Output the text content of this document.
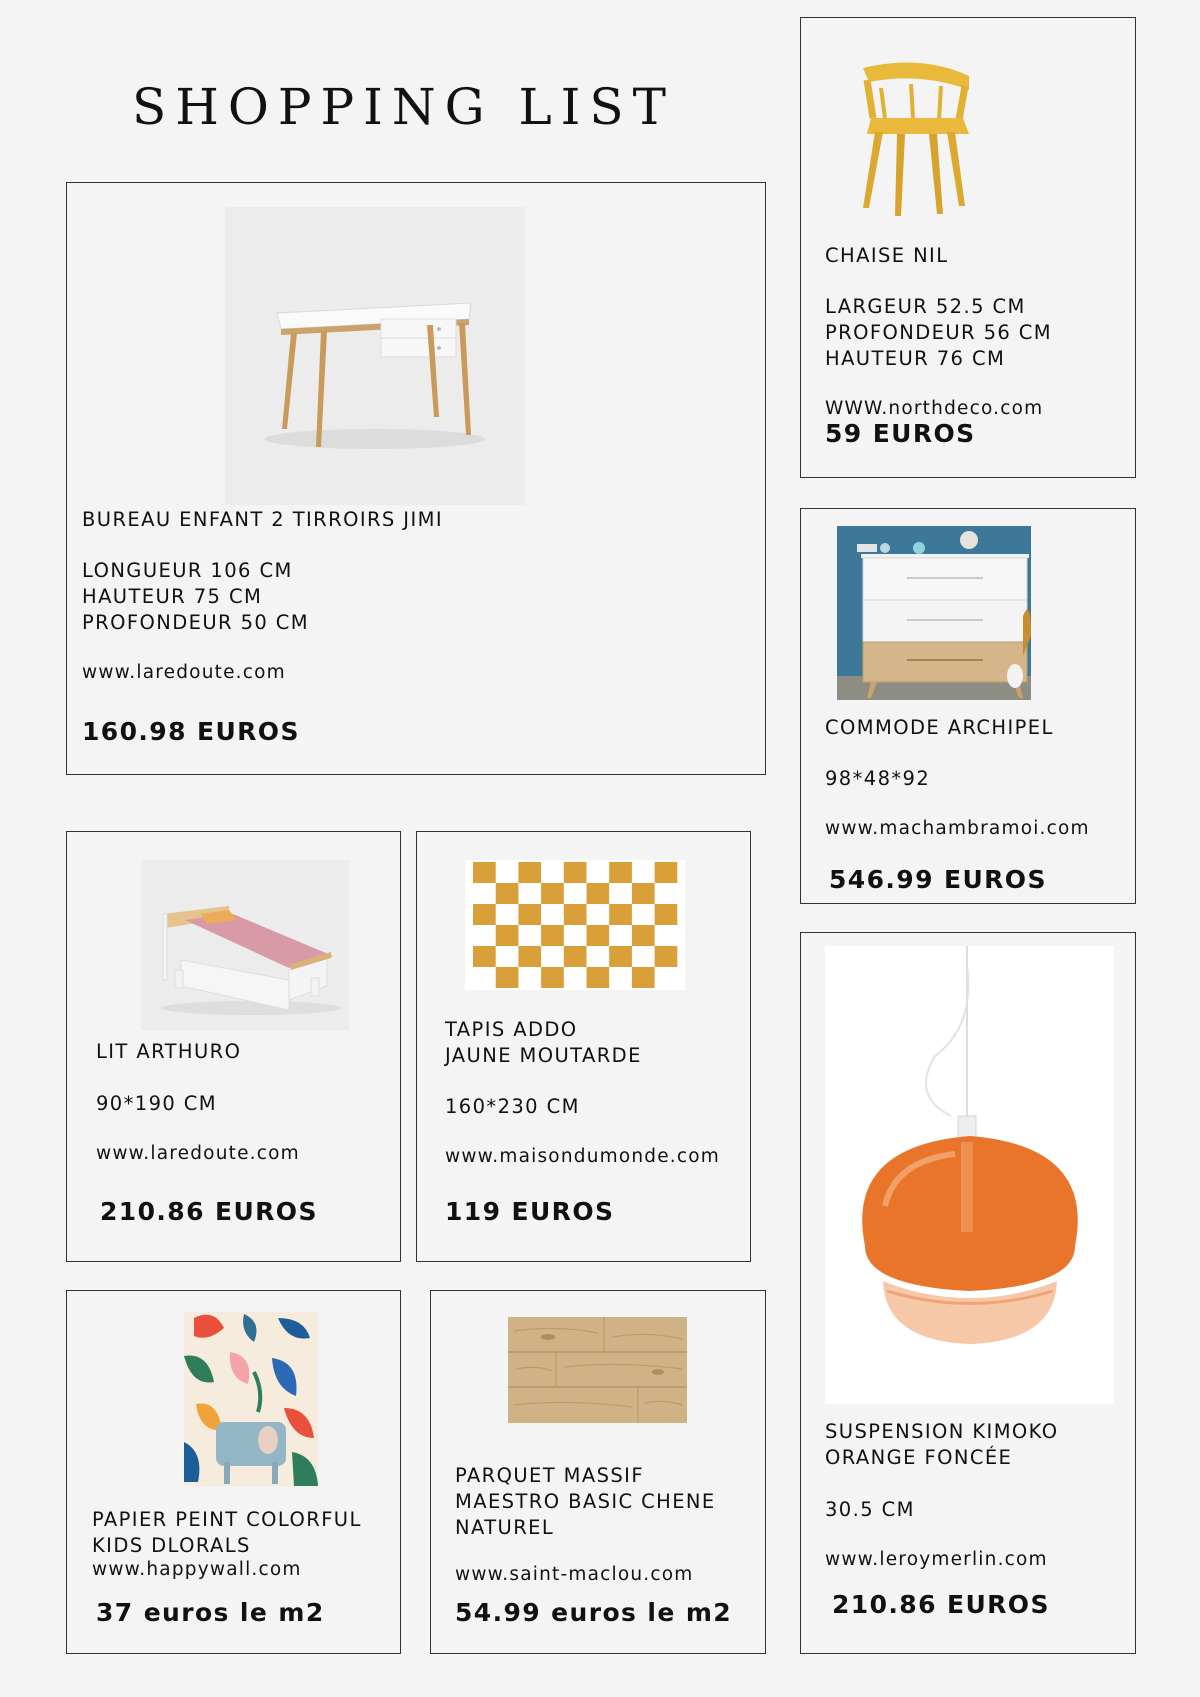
SHOPPING LIST
BUREAU ENFANT 2 TIRROIRS JIMI
LONGUEUR 106 CM
HAUTEUR 75 CM
PROFONDEUR 50 CM
www.laredoute.com
160.98 EUROS
CHAISE NIL
LARGEUR 52.5 CM
PROFONDEUR 56 CM
HAUTEUR 76 CM
WWW.northdeco.com
59 EUROS
COMMODE ARCHIPEL
98*48*92
www.machambramoi.com
546.99 EUROS
LIT ARTHURO
90*190 CM
www.laredoute.com
210.86 EUROS
TAPIS ADDO
JAUNE MOUTARDE
160*230 CM
www.maisondumonde.com
119 EUROS
SUSPENSION KIMOKO
ORANGE FONCÉE
30.5 CM
www.leroymerlin.com
210.86 EUROS
PAPIER PEINT COLORFUL
KIDS DLORALS
www.happywall.com
37 euros le m2
PARQUET MASSIF
MAESTRO BASIC CHENE
NATUREL
www.saint-maclou.com
54.99 euros le m2
